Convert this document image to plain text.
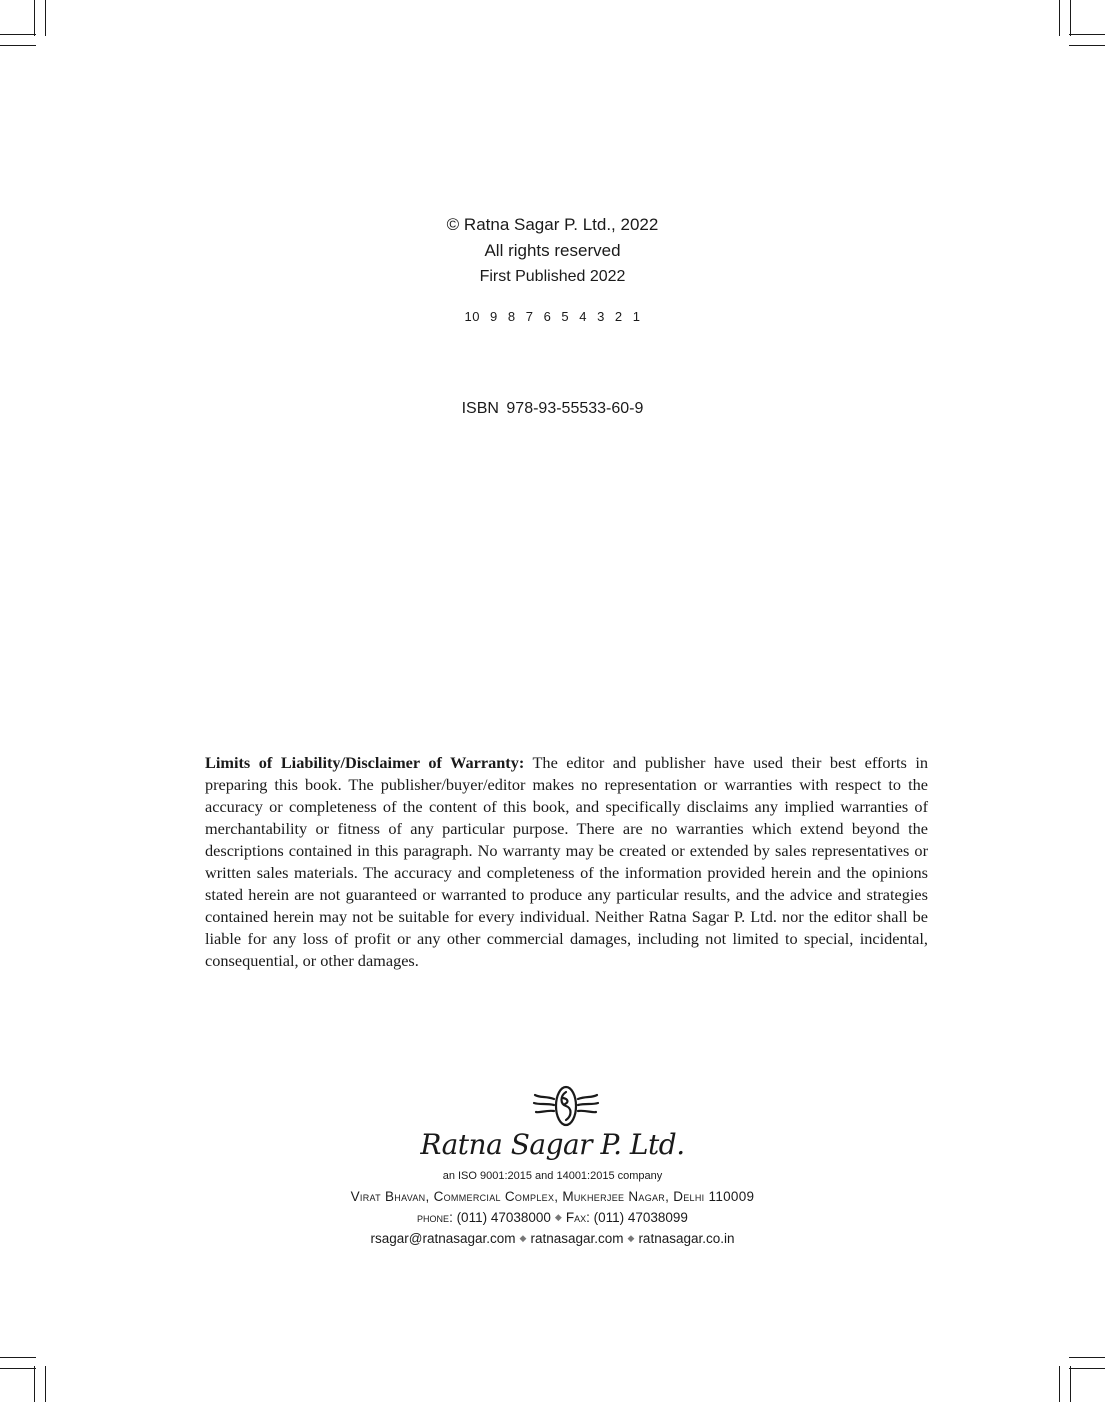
© Ratna Sagar P. Ltd., 2022
All rights reserved
First Published 2022
10 9 8 7 6 5 4 3 2 1
ISBN 978-93-55533-60-9
Limits of Liability/Disclaimer of Warranty: The editor and publisher have used their best efforts in preparing this book. The publisher/buyer/editor makes no representation or warranties with respect to the accuracy or completeness of the content of this book, and specifically disclaims any implied warranties of merchantability or fitness of any particular purpose. There are no warranties which extend beyond the descriptions contained in this paragraph. No warranty may be created or extended by sales representatives or written sales materials. The accuracy and completeness of the information provided herein and the opinions stated herein are not guaranteed or warranted to produce any particular results, and the advice and strategies contained herein may not be suitable for every individual. Neither Ratna Sagar P. Ltd. nor the editor shall be liable for any loss of profit or any other commercial damages, including not limited to special, incidental, consequential, or other damages.
Ratna Sagar P. Ltd.
an ISO 9001:2015 and 14001:2015 company
Virat Bhavan, Commercial Complex, Mukherjee Nagar, Delhi 110009
phone: (011) 47038000 ◆ Fax: (011) 47038099
rsagar@ratnasagar.com ◆ ratnasagar.com ◆ ratnasagar.co.in
